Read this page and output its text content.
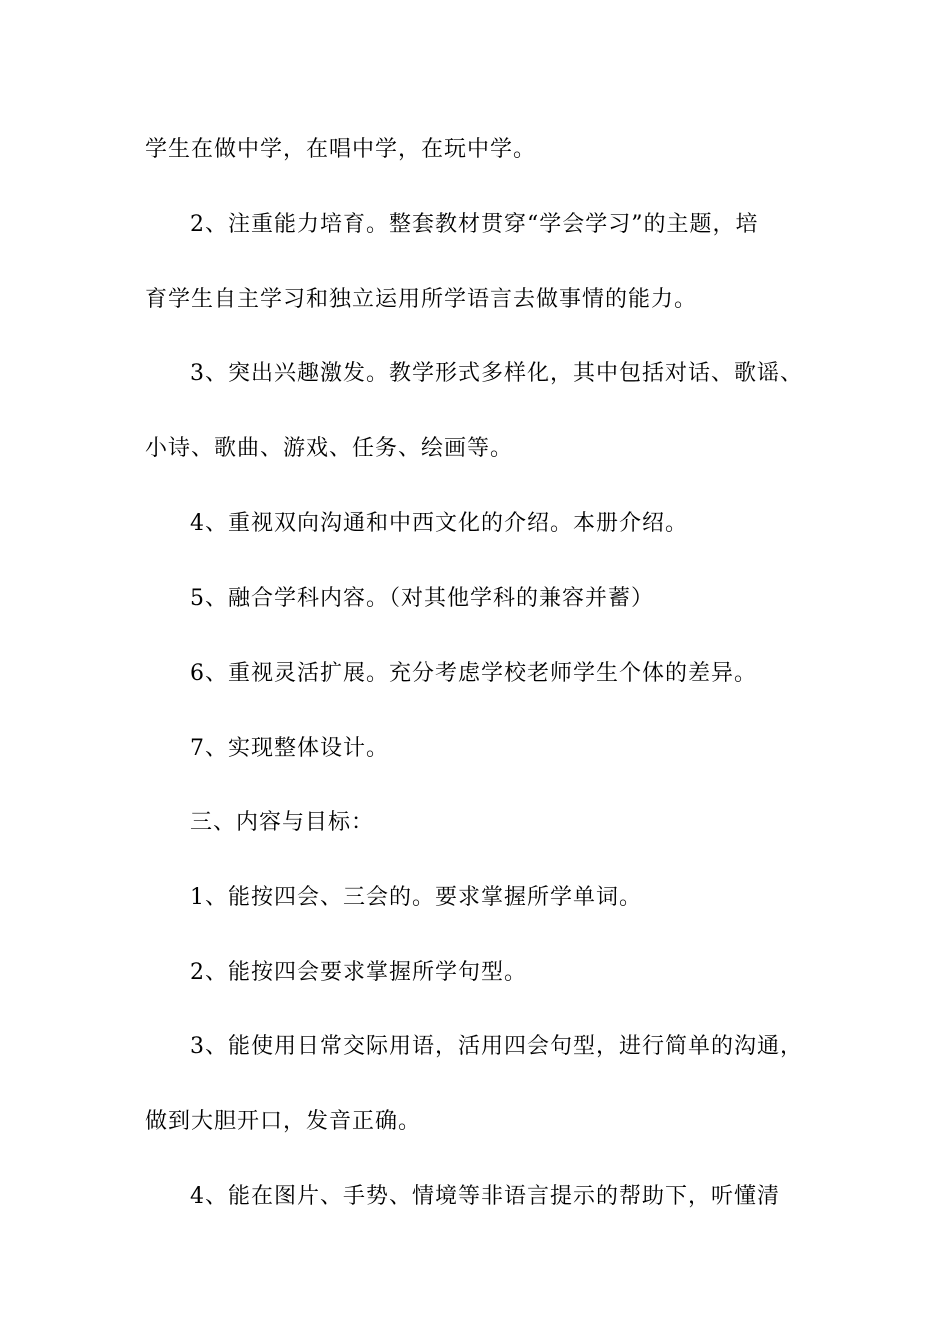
学生在做中学，在唱中学，在玩中学。
2、注重能力培育。整套教材贯穿“学会学习”的主题，培
育学生自主学习和独立运用所学语言去做事情的能力。
3、突出兴趣激发。教学形式多样化，其中包括对话、歌谣、
小诗、歌曲、游戏、任务、绘画等。
4、重视双向沟通和中西文化的介绍。本册介绍。
5、融合学科内容。（对其他学科的兼容并蓄）
6、重视灵活扩展。充分考虑学校老师学生个体的差异。
7、实现整体设计。
三、内容与目标：
1、能按四会、三会的。要求掌握所学单词。
2、能按四会要求掌握所学句型。
3、能使用日常交际用语，活用四会句型，进行简单的沟通，
做到大胆开口，发音正确。
4、能在图片、手势、情境等非语言提示的帮助下，听懂清
